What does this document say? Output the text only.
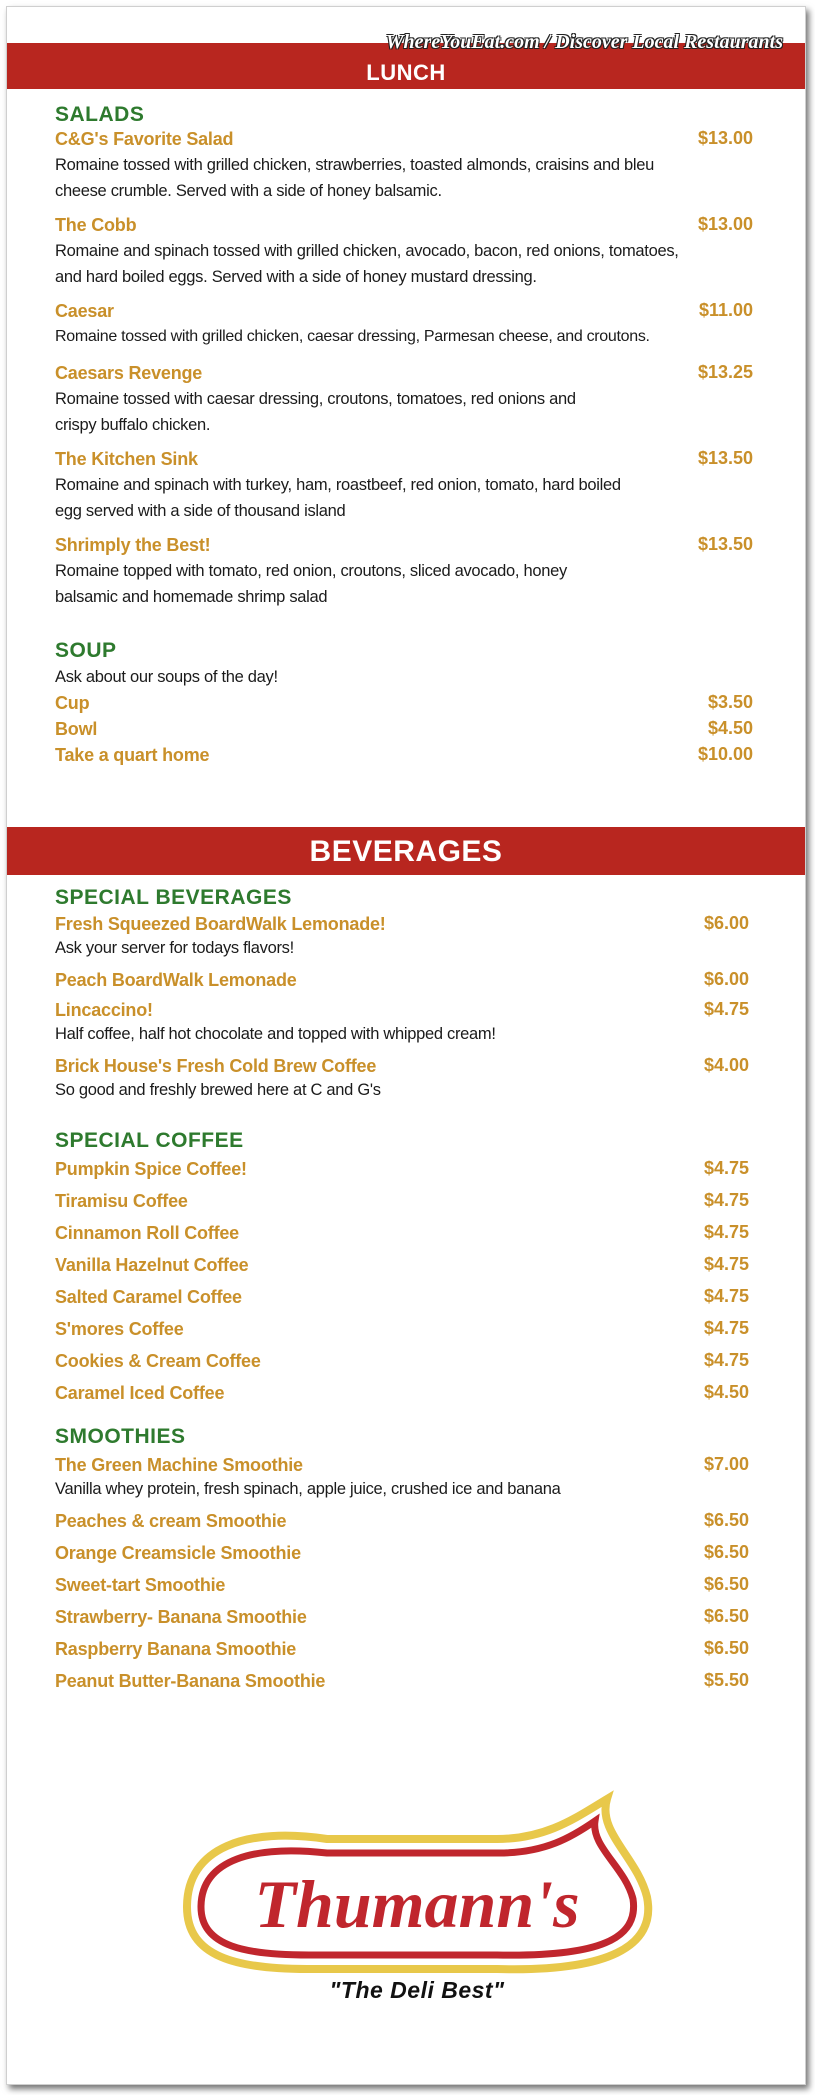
LUNCH
WhereYouEat.com / Discover Local Restaurants
SALADS
C&G's Favorite Salad	$13.00
Romaine tossed with grilled chicken, strawberries, toasted almonds, craisins and bleu cheese crumble. Served with a side of honey balsamic.
The Cobb	$13.00
Romaine and spinach tossed with grilled chicken, avocado, bacon, red onions, tomatoes, and hard boiled eggs. Served with a side of honey mustard dressing.
Caesar	$11.00
Romaine tossed with grilled chicken, caesar dressing, Parmesan cheese, and croutons.
Caesars Revenge	$13.25
Romaine tossed with caesar dressing, croutons, tomatoes, red onions and crispy buffalo chicken.
The Kitchen Sink	$13.50
Romaine and spinach with turkey, ham, roastbeef, red onion, tomato, hard boiled egg served with a side of thousand island
Shrimply the Best!	$13.50
Romaine topped with tomato, red onion, croutons, sliced avocado, honey balsamic and homemade shrimp salad
SOUP
Ask about our soups of the day!
Cup	$3.50
Bowl	$4.50
Take a quart home	$10.00
BEVERAGES
SPECIAL BEVERAGES
Fresh Squeezed BoardWalk Lemonade!	$6.00
Ask your server for todays flavors!
Peach BoardWalk Lemonade	$6.00
Lincaccino!	$4.75
Half coffee, half hot chocolate and topped with whipped cream!
Brick House's Fresh Cold Brew Coffee	$4.00
So good and freshly brewed here at C and G's
SPECIAL COFFEE
Pumpkin Spice Coffee!	$4.75
Tiramisu Coffee	$4.75
Cinnamon Roll Coffee	$4.75
Vanilla Hazelnut Coffee	$4.75
Salted Caramel Coffee	$4.75
S'mores Coffee	$4.75
Cookies & Cream Coffee	$4.75
Caramel Iced Coffee	$4.50
SMOOTHIES
The Green Machine Smoothie	$7.00
Vanilla whey protein, fresh spinach, apple juice, crushed ice and banana
Peaches & cream Smoothie	$6.50
Orange Creamsicle Smoothie	$6.50
Sweet-tart Smoothie	$6.50
Strawberry- Banana Smoothie	$6.50
Raspberry Banana Smoothie	$6.50
Peanut Butter-Banana Smoothie	$5.50
Thumann's
"The Deli Best"
